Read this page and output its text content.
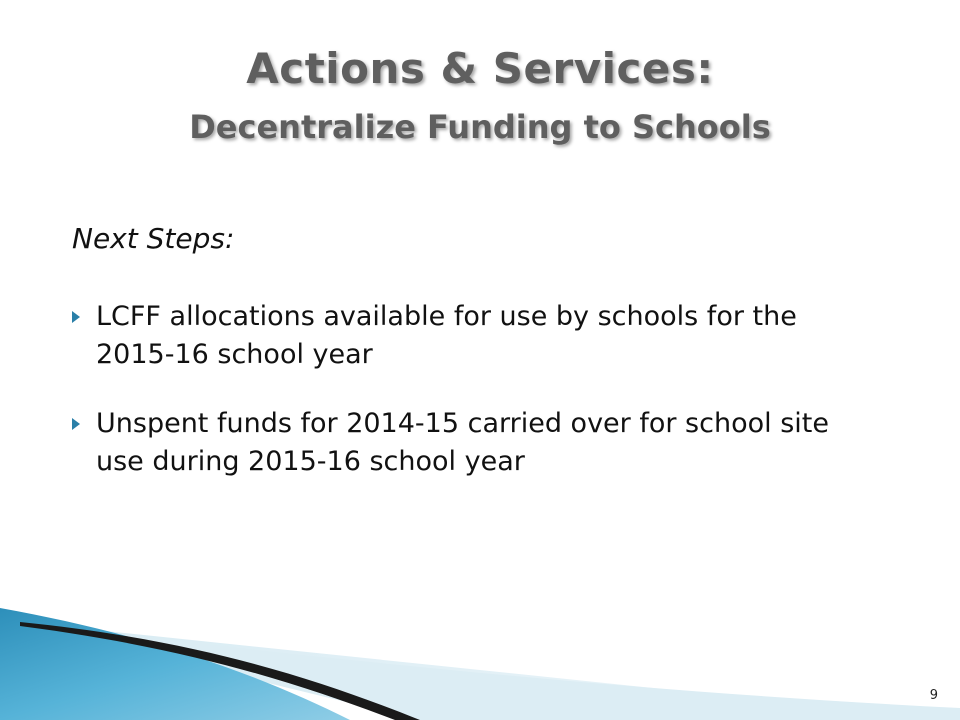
Actions & Services:
Decentralize Funding to Schools

Next Steps:

LCFF allocations available for use by schools for the 2015-16 school year
Unspent funds for 2014-15 carried over for school site use during 2015-16 school year
9
